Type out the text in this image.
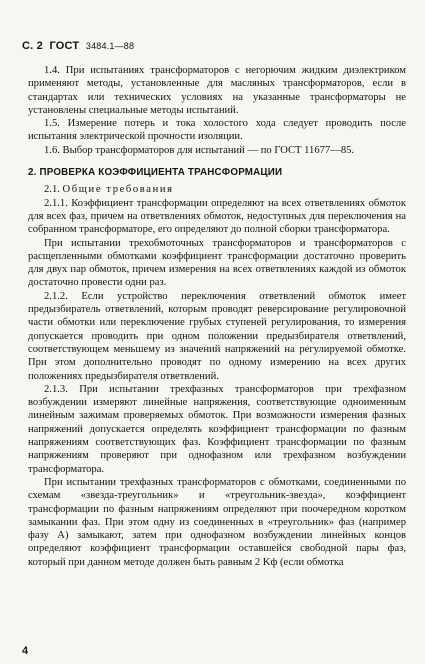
С. 2 ГОСТ 3484.1—88

1.4. При испытаниях трансформаторов с негорючим жидким диэлектриком применяют методы, установленные для масляных трансформаторов, если в стандартах или технических условиях на указанные трансформаторы не установлены специальные методы испытаний.

1.5. Измерение потерь и тока холостого хода следует проводить после испытания электрической прочности изоляции.

1.6. Выбор трансформаторов для испытаний — по ГОСТ 11677—85.

2. ПРОВЕРКА КОЭФФИЦИЕНТА ТРАНСФОРМАЦИИ

2.1. Общие требования

2.1.1. Коэффициент трансформации определяют на всех ответвлениях обмоток для всех фаз, причем на ответвлениях обмоток, недоступных для переключения на собранном трансформаторе, его определяют до полной сборки трансформатора.

При испытании трехобмоточных трансформаторов и трансформаторов с расщепленными обмотками коэффициент трансформации достаточно проверить для двух пар обмоток, причем измерения на всех ответвлениях каждой из обмоток достаточно провести одни раз.

2.1.2. Если устройство переключения ответвлений обмоток имеет предызбиратель ответвлений, которым проводят реверсирование регулировочной части обмотки или переключение грубых ступеней регулирования, то измерения допускается проводить при одном положении предызбирателя ответвлений, соответствующем меньшему из значений напряжений на регулируемой обмотке. При этом дополнительно проводят по одному измерению на всех других положениях предызбирателя ответвлений.

2.1.3. При испытании трехфазных трансформаторов при трехфазном возбуждении измеряют линейные напряжения, соответствующие одноименным линейным зажимам проверяемых обмоток. При возможности измерения фазных напряжений допускается определять коэффициент трансформации по фазным напряжениям соответствующих фаз. Коэффициент трансформации по фазным напряжениям проверяют при однофазном или трехфазном возбуждении трансформатора.

При испытании трехфазных трансформаторов с обмотками, соединенными по схемам «звезда-треугольник» и «треугольник-звезда», коэффициент трансформации по фазным напряжениям определяют при поочередном коротком замыкании фаз. При этом одну из соединенных в «треугольник» фаз (например фазу А) замыкают, затем при однофазном возбуждении линейных концов определяют коэффициент трансформации оставшейся свободной пары фаз, который при данном методе должен быть равным 2 Kф (если обмотка

4
